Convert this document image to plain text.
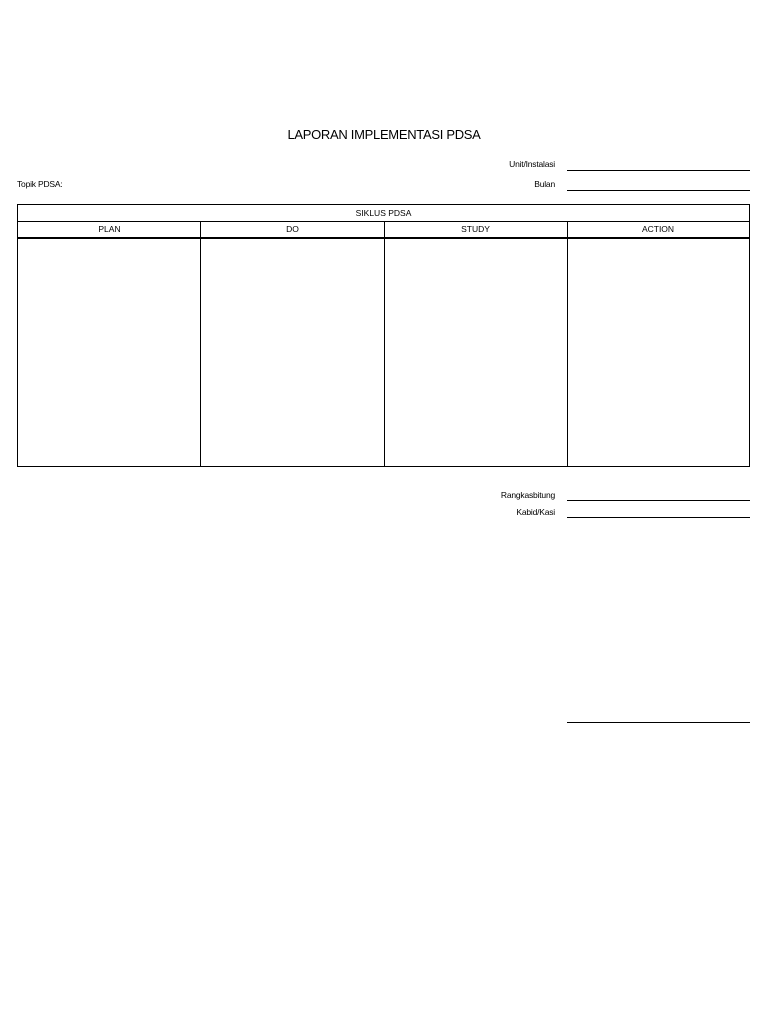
LAPORAN IMPLEMENTASI PDSA
Unit/Instalasi
Topik PDSA:	Bulan
SIKLUS PDSA
PLAN	DO	STUDY	ACTION
Rangkasbitung
Kabid/Kasi
